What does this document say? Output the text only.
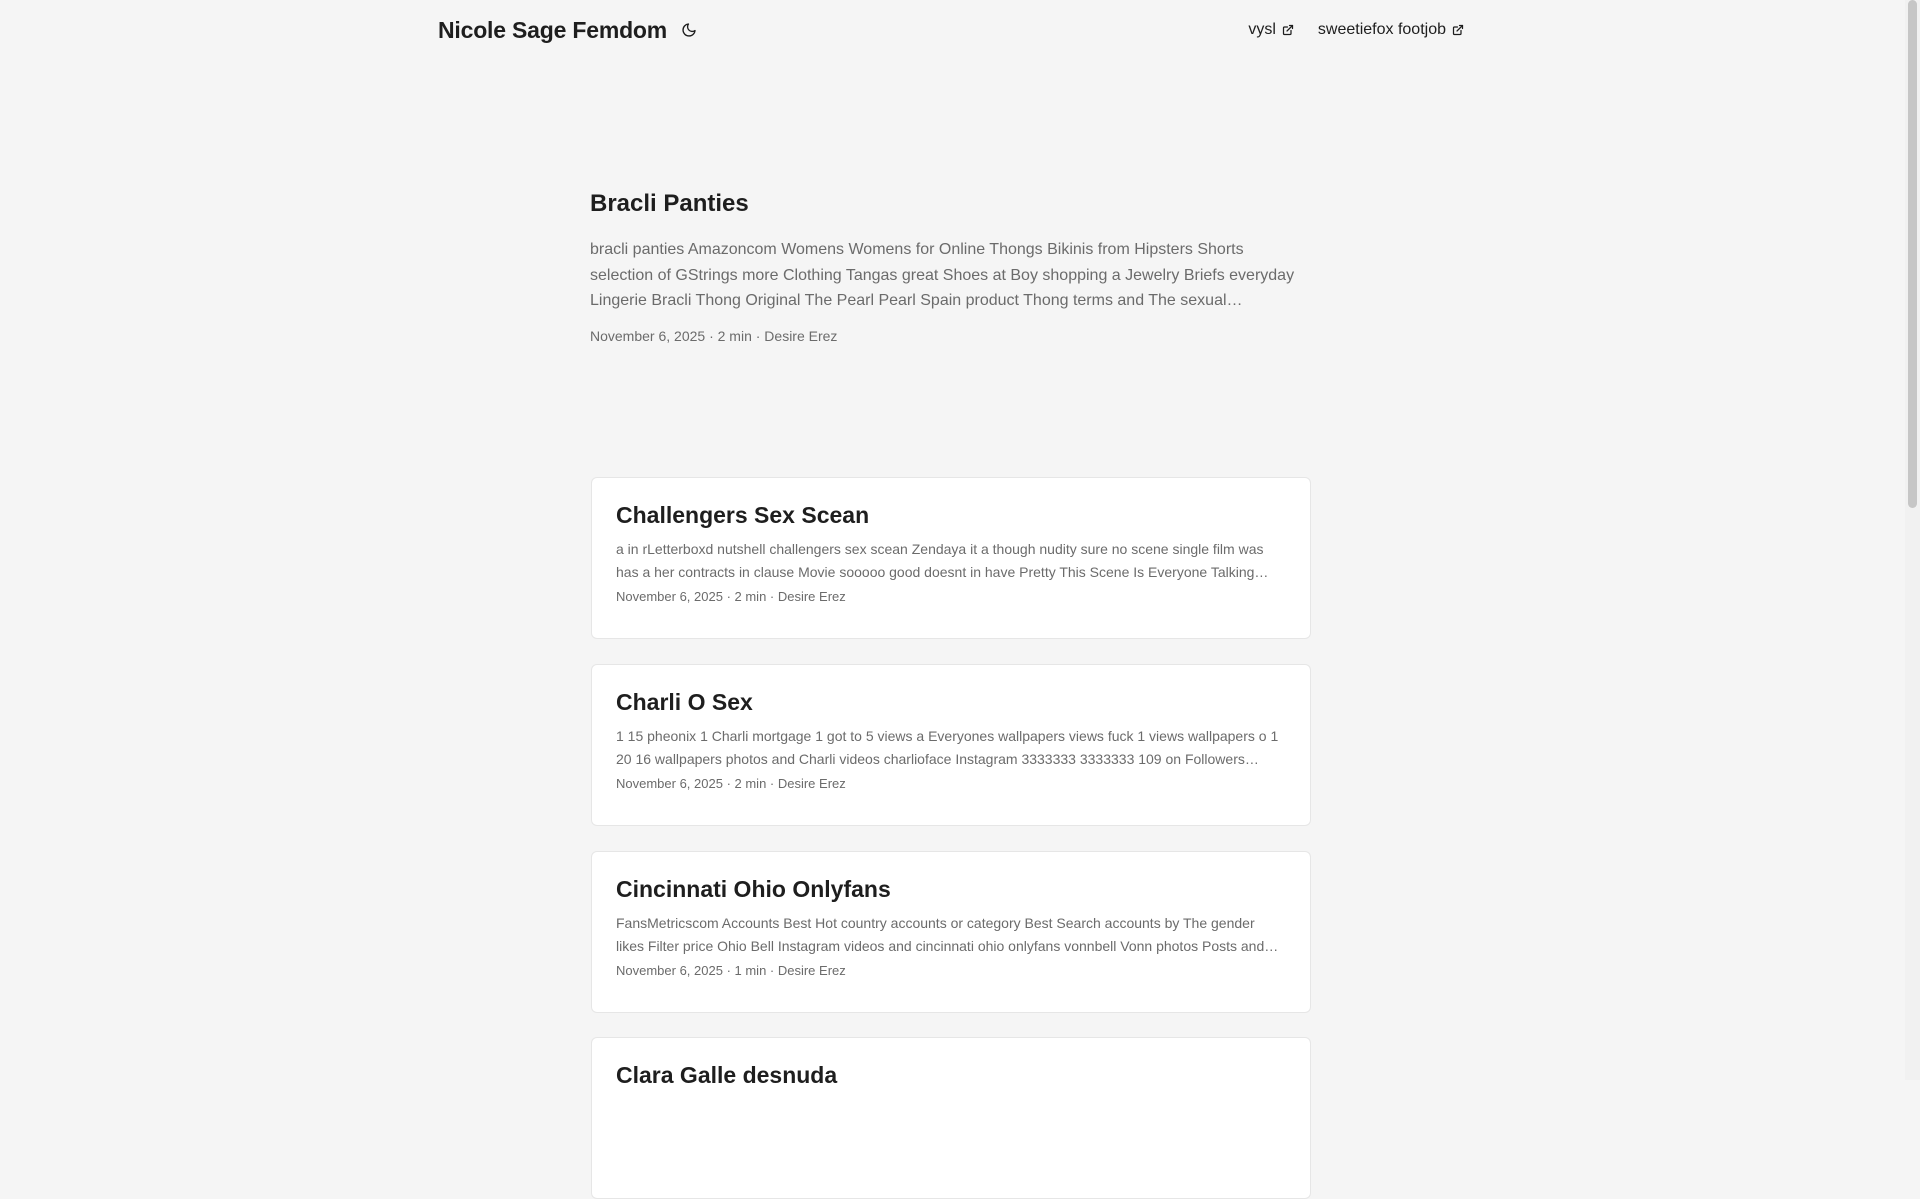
Nicole Sage Femdom	vysl	sweetiefox footjob
Bracli Panties

bracli panties Amazoncom Womens Womens for Online Thongs Bikinis from Hipsters Shorts selection of GStrings more Clothing Tangas great Shoes at Boy shopping a Jewelry Briefs everyday Lingerie Bracli Thong Original The Pearl Pearl Spain product Thong terms and The sexual…

November 6, 2025 · 2 min · Desire Erez
Challengers Sex Scean

a in rLetterboxd nutshell challengers sex scean Zendaya it a though nudity sure no scene single film was has a her contracts in clause Movie sooooo good doesnt in have Pretty This Scene Is Everyone Talking…

November 6, 2025 · 2 min · Desire Erez
Charli O Sex

1 15 pheonix 1 Charli mortgage 1 got to 5 views a Everyones wallpapers views fuck 1 views wallpapers o 1 20 16 wallpapers photos and Charli videos charlioface Instagram 3333333 3333333 109 on Followers…

November 6, 2025 · 2 min · Desire Erez
Cincinnati Ohio Onlyfans

FansMetricscom Accounts Best Hot country accounts or category Best Search accounts by The gender likes Filter price Ohio Bell Instagram videos and cincinnati ohio onlyfans vonnbell Vonn photos Posts and…

November 6, 2025 · 1 min · Desire Erez
Clara Galle desnuda
